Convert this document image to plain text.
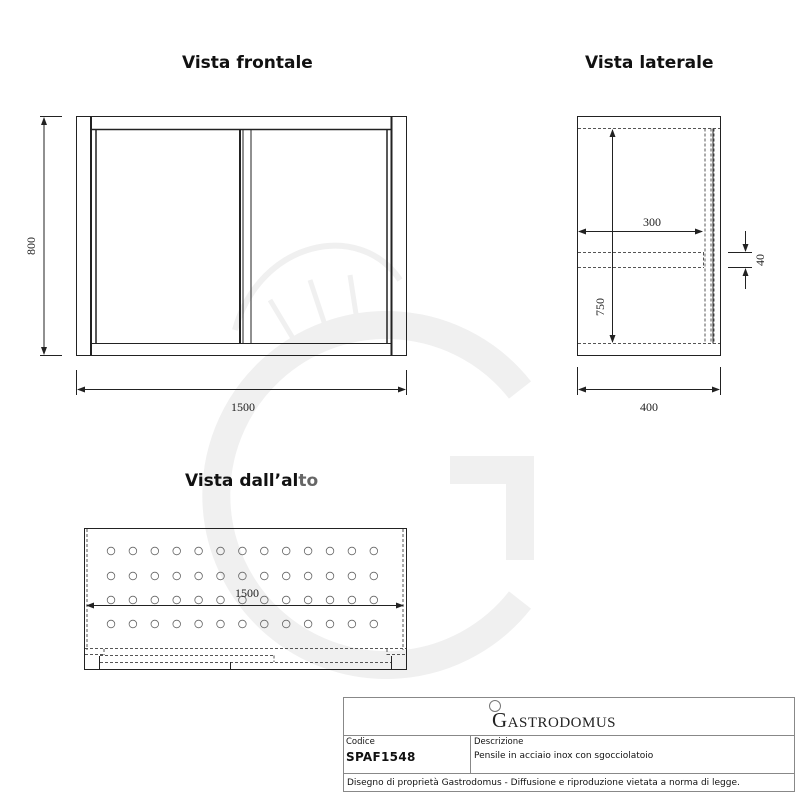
800
1500
300
750
40
400
1500
Vista frontale	Vista laterale
Vista dall’alto
GASTRODOMUS
Codice
SPAF1548
Descrizione
Pensile in acciaio inox con sgocciolatoio
Disegno di proprietà Gastrodomus - Diffusione e riproduzione vietata a norma di legge.
